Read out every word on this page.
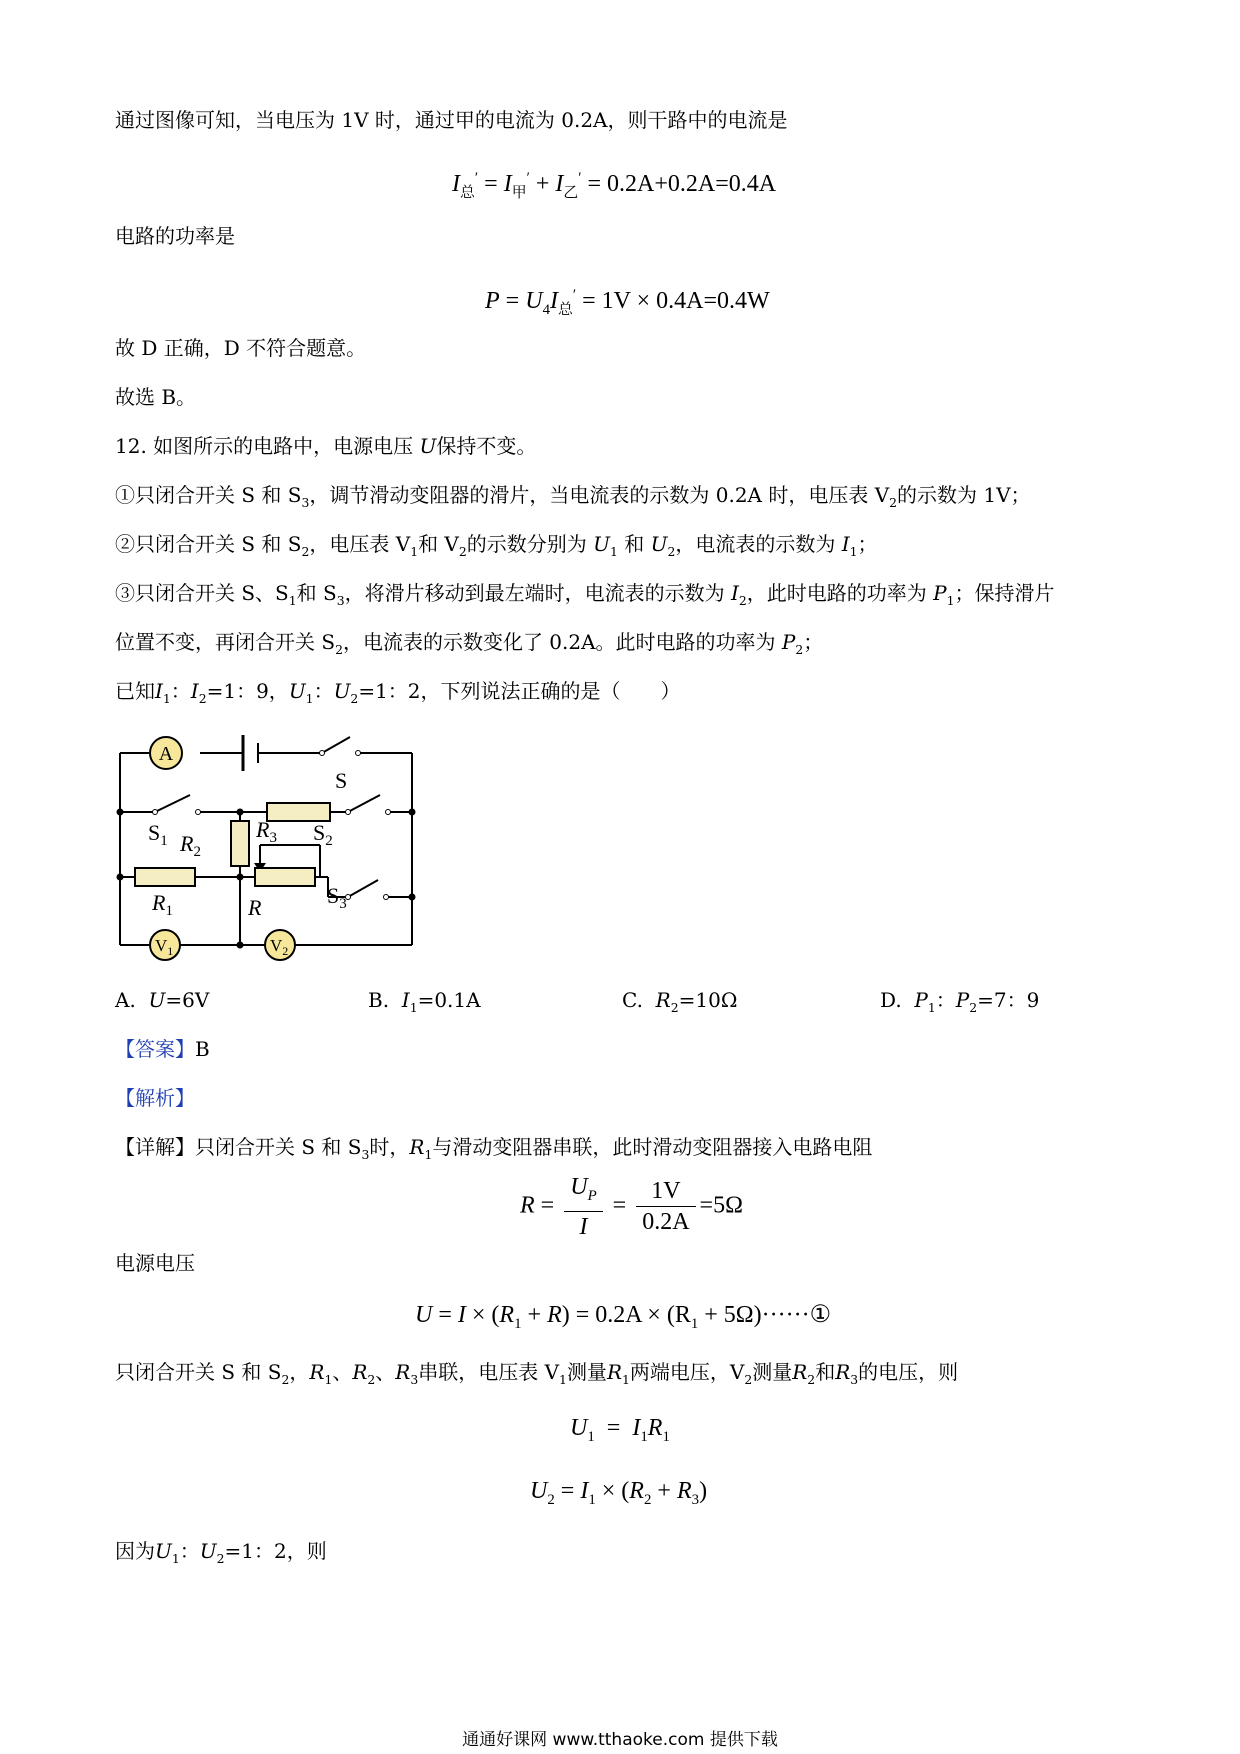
通过图像可知，当电压为 1V 时，通过甲的电流为 0.2A，则干路中的电流是
$I_总' = I_甲' + I_乙' = 0.2A+0.2A=0.4A$
电路的功率是
$P = U_4I_总' = 1V \times 0.4A=0.4W$
故 D 正确，D 不符合题意。
故选 B。
12. 如图所示的电路中，电源电压 U保持不变。
①只闭合开关 S 和 $S_3$，调节滑动变阻器的滑片，当电流表的示数为 0.2A 时，电压表 $V_2$的示数为 1V；
②只闭合开关 S 和 $S_2$，电压表 $V_1$和 $V_2$的示数分别为 $U_1$ 和 $U_2$，电流表的示数为 $I_1$；
③只闭合开关 S、$S_1$和 $S_3$，将滑片移动到最左端时，电流表的示数为 $I_2$，此时电路的功率为 $P_1$；保持滑片
位置不变，再闭合开关 $S_2$，电流表的示数变化了 0.2A。此时电路的功率为 $P_2$；
已知$I_1$：$I_2=1$：9，$U_1$：$U_2=1$：2，下列说法正确的是（　　）
A
S
$S_1$	$S_2$
$S_3$
$R_3$
$R_2$
$R_1$	R
$V_1$	$V_2$
A. U=6V	B. $I_1=0.1A$	C. $R_2=10\Omega$	D. $P_1$：$P_2=7$：9
【答案】B
【解析】
【详解】只闭合开关 S 和 $S_3$时，$R_1$与滑动变阻器串联，此时滑动变阻器接入电路电阻
$R = \frac{U_P}{I} = \frac{1V}{0.2A} =5\Omega$
电源电压
$U = I \times (R_1 + R) = 0.2A \times (R_1$ + 5Ω)······①
只闭合开关 S 和 $S_2$，$R_1$、$R_2$、$R_3$串联，电压表 $V_1$测量$R_1$两端电压，$V_2$测量$R_2$和$R_3$的电压，则
$U_1 = I_1R_1$
$U_2 = I_1 \times (R_2 + R_3)$
因为$U_1$：$U_2=1$：2，则
通通好课网 www.tthaoke.com 提供下载
